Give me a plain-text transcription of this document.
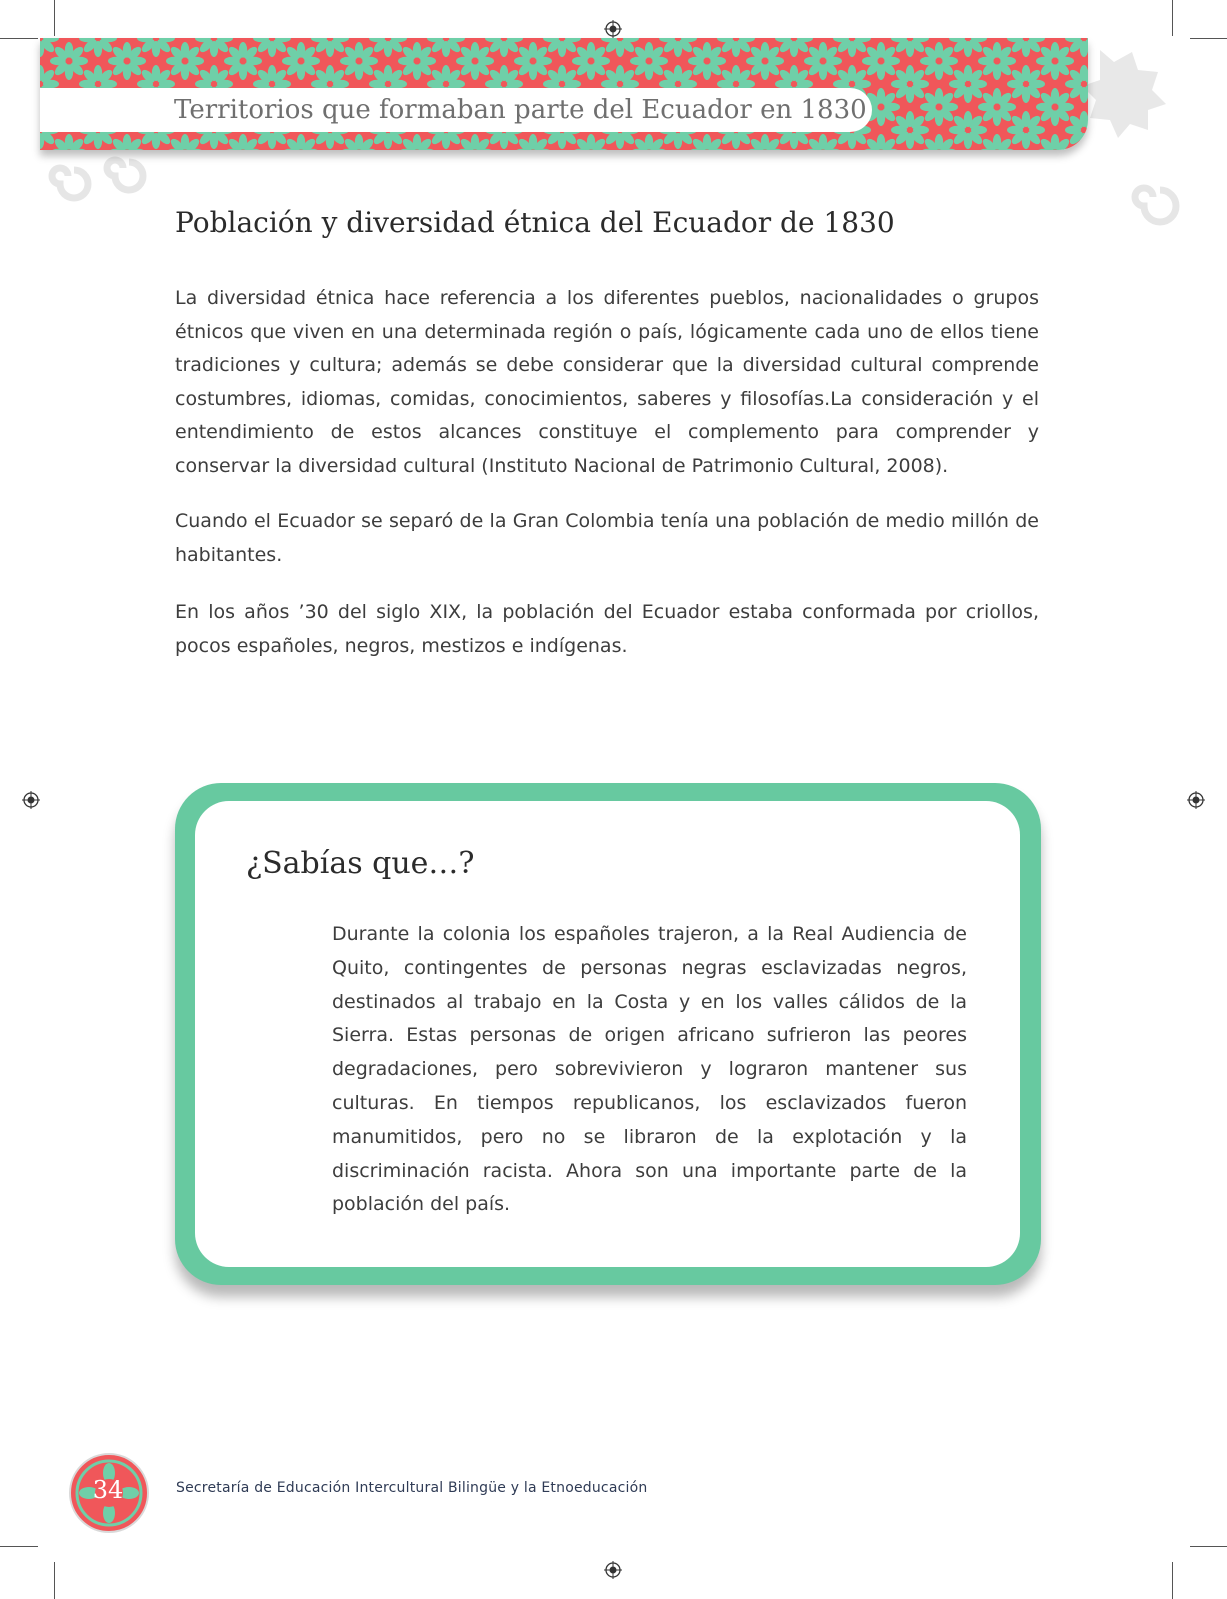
Territorios que formaban parte del Ecuador en 1830
Población y diversidad étnica del Ecuador de 1830

La diversidad étnica hace referencia a los diferentes pueblos, nacionalidades o grupos étnicos que viven en una determinada región o país, lógicamente cada uno de ellos tiene tradiciones y cultura; además se debe considerar que la diversidad cultural comprende costumbres, idiomas, comidas, conocimientos, saberes y filosofías.La consideración y el entendimiento de estos alcances constituye el complemento para comprender y conservar la diversidad cultural (Instituto Nacional de Patrimonio Cultural, 2008).

Cuando el Ecuador se separó de la Gran Colombia tenía una población de medio millón de habitantes.

En los años ’30 del siglo XIX, la población del Ecuador estaba conformada por criollos, pocos españoles, negros, mestizos e indígenas.

¿Sabías que…?

Durante la colonia los españoles trajeron, a la Real Audiencia de Quito, contingentes de personas negras esclavizadas negros, destinados al trabajo en la Costa y en los valles cálidos de la Sierra. Estas personas de origen africano sufrieron las peores degradaciones, pero sobrevivieron y lograron mantener sus culturas. En tiempos republicanos, los esclavizados fueron manumitidos, pero no se libraron de la explotación y la discriminación racista. Ahora son una importante parte de la población del país.

34	Secretaría de Educación Intercultural Bilingüe y la Etnoeducación
